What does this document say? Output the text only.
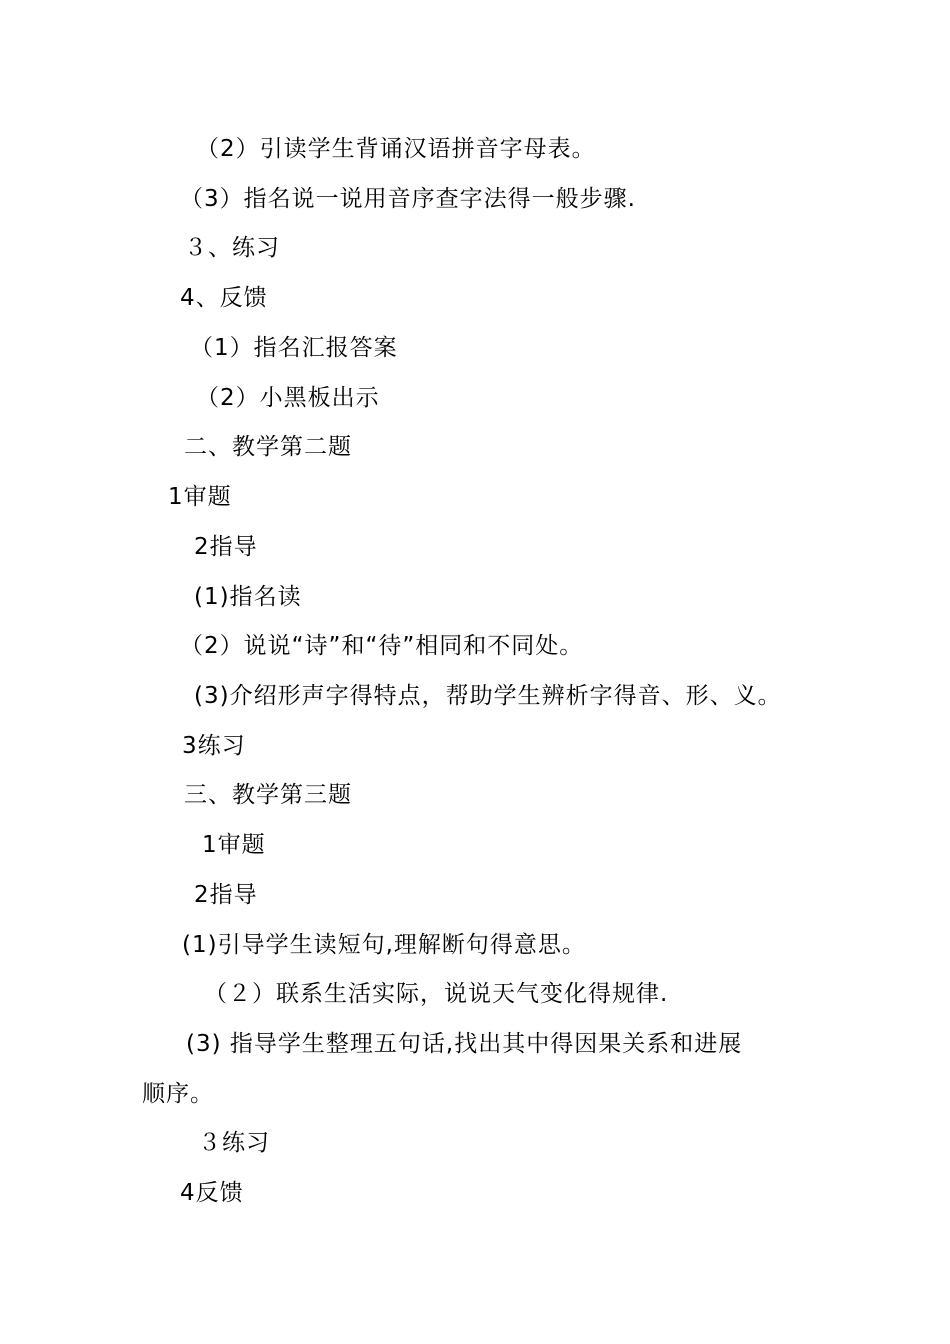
（2）引读学生背诵汉语拼音字母表。
（3）指名说一说用音序查字法得一般步骤.
３、练习
4、反馈
（1）指名汇报答案
（2）小黑板出示
二、教学第二题
1审题
2指导
(1)指名读
（2）说说“诗”和“待”相同和不同处。
(3)介绍形声字得特点，帮助学生辨析字得音、形、义。
3练习
三、教学第三题
1审题
2指导
(1)引导学生读短句,理解断句得意思。
（２）联系生活实际，说说天气变化得规律.
(3) 指导学生整理五句话,找出其中得因果关系和进展
顺序。
３练习
4反馈
